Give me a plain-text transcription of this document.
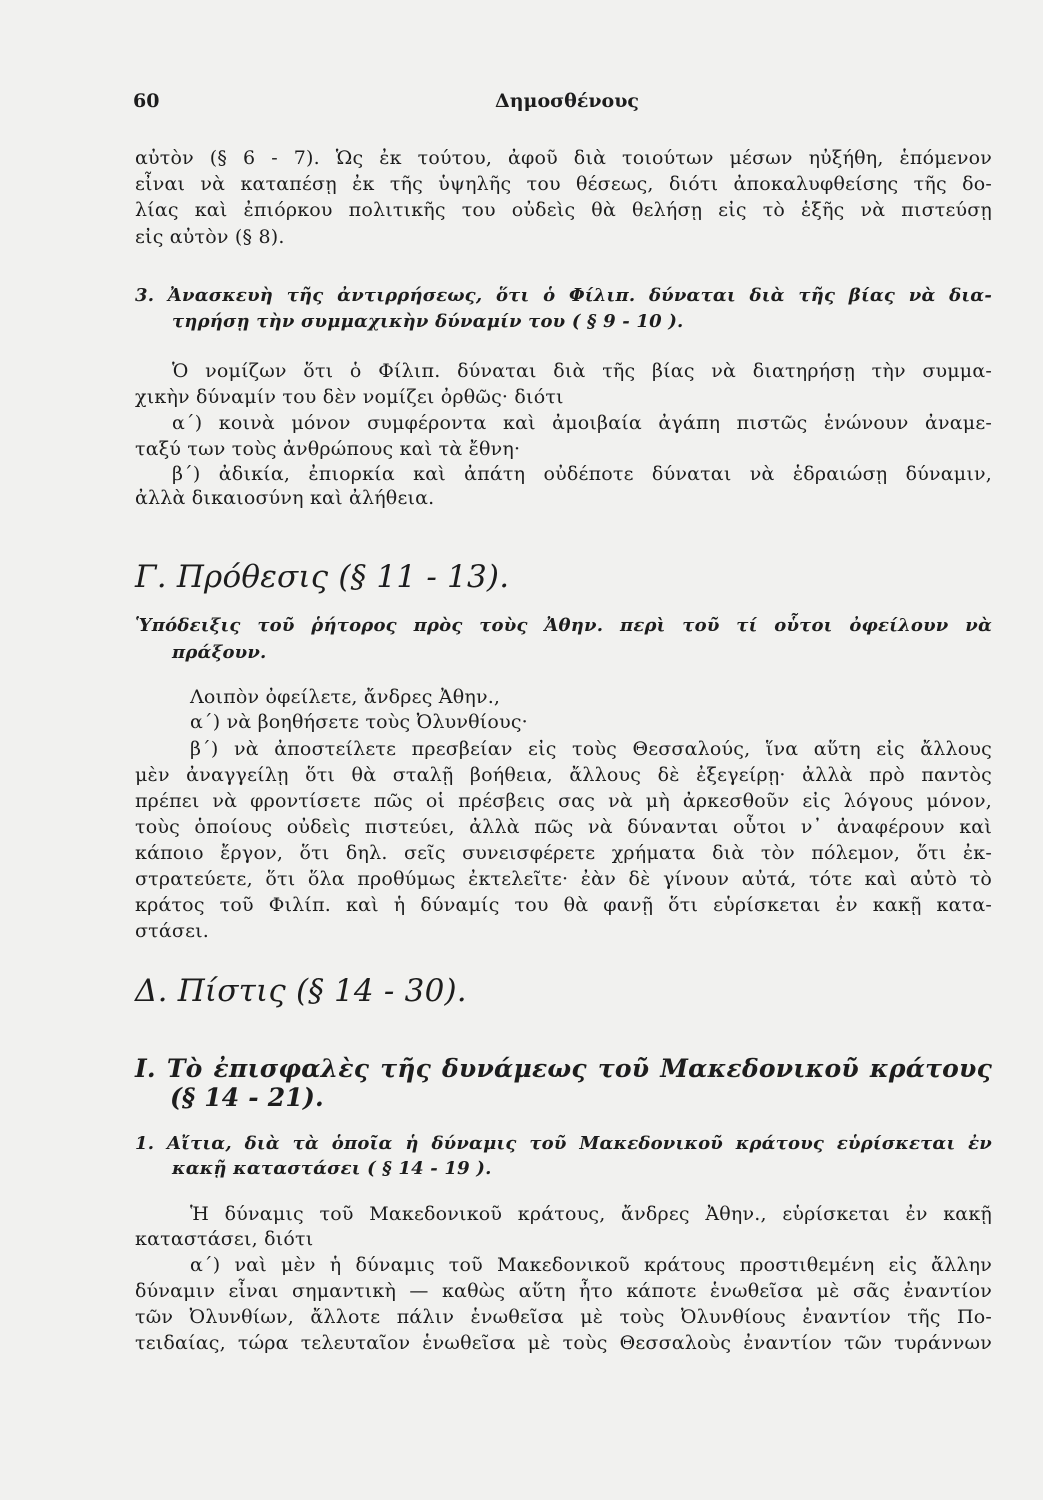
60	Δημοσθένους
αὐτὸν (§ 6 - 7). Ὡς ἐκ τούτου, ἀφοῦ διὰ τοιούτων μέσων ηὐξήθη, ἑπόμενον
εἶναι νὰ καταπέσῃ ἐκ τῆς ὑψηλῆς του θέσεως, διότι ἀποκαλυφθείσης τῆς δο-
λίας καὶ ἐπιόρκου πολιτικῆς του οὐδεὶς θὰ θελήσῃ εἰς τὸ ἑξῆς νὰ πιστεύσῃ
εἰς αὐτὸν (§ 8).
3. Ἀνασκευὴ τῆς ἀντιρρήσεως, ὅτι ὁ Φίλιπ. δύναται διὰ τῆς βίας νὰ δια-
τηρήσῃ τὴν συμμαχικὴν δύναμίν του ( § 9 - 10 ).
Ὁ νομίζων ὅτι ὁ Φίλιπ. δύναται διὰ τῆς βίας νὰ διατηρήσῃ τὴν συμμα-
χικὴν δύναμίν του δὲν νομίζει ὀρθῶς· διότι
α΄) κοινὰ μόνον συμφέροντα καὶ ἀμοιβαία ἀγάπη πιστῶς ἑνώνουν ἀναμε-
ταξύ των τοὺς ἀνθρώπους καὶ τὰ ἔθνη·
β΄) ἀδικία, ἐπιορκία καὶ ἀπάτη οὐδέποτε δύναται νὰ ἑδραιώσῃ δύναμιν,
ἀλλὰ δικαιοσύνη καὶ ἀλήθεια.
Γ. Πρόθεσις (§ 11 - 13).
Ὑπόδειξις τοῦ ῥήτορος πρὸς τοὺς Ἀθην. περὶ τοῦ τί οὗτοι ὀφείλουν νὰ
πράξουν.
Λοιπὸν ὀφείλετε, ἄνδρες Ἀθην.,
α΄) νὰ βοηθήσετε τοὺς Ὀλυνθίους·
β΄) νὰ ἀποστείλετε πρεσβείαν εἰς τοὺς Θεσσαλούς, ἵνα αὕτη εἰς ἄλλους
μὲν ἀναγγείλῃ ὅτι θὰ σταλῇ βοήθεια, ἄλλους δὲ ἐξεγείρῃ· ἀλλὰ πρὸ παντὸς
πρέπει νὰ φροντίσετε πῶς οἱ πρέσβεις σας νὰ μὴ ἀρκεσθοῦν εἰς λόγους μόνον,
τοὺς ὁποίους οὐδεὶς πιστεύει, ἀλλὰ πῶς νὰ δύνανται οὗτοι ν᾿ ἀναφέρουν καὶ
κάποιο ἔργον, ὅτι δηλ. σεῖς συνεισφέρετε χρήματα διὰ τὸν πόλεμον, ὅτι ἐκ-
στρατεύετε, ὅτι ὅλα προθύμως ἐκτελεῖτε· ἐὰν δὲ γίνουν αὐτά, τότε καὶ αὐτὸ τὸ
κράτος τοῦ Φιλίπ. καὶ ἡ δύναμίς του θὰ φανῇ ὅτι εὑρίσκεται ἐν κακῇ κατα-
στάσει.
Δ. Πίστις (§ 14 - 30).
I. Τὸ ἐπισφαλὲς τῆς δυνάμεως τοῦ Μακεδονικοῦ κράτους
(§ 14 - 21).
1. Αἴτια, διὰ τὰ ὁποῖα ἡ δύναμις τοῦ Μακεδονικοῦ κράτους εὑρίσκεται ἐν
κακῇ καταστάσει ( § 14 - 19 ).
Ἡ δύναμις τοῦ Μακεδονικοῦ κράτους, ἄνδρες Ἀθην., εὑρίσκεται ἐν κακῇ
καταστάσει, διότι
α΄) ναὶ μὲν ἡ δύναμις τοῦ Μακεδονικοῦ κράτους προστιθεμένη εἰς ἄλλην
δύναμιν εἶναι σημαντικὴ — καθὼς αὕτη ἦτο κάποτε ἑνωθεῖσα μὲ σᾶς ἐναντίον
τῶν Ὀλυνθίων, ἄλλοτε πάλιν ἑνωθεῖσα μὲ τοὺς Ὀλυνθίους ἐναντίον τῆς Πο-
τειδαίας, τώρα τελευταῖον ἑνωθεῖσα μὲ τοὺς Θεσσαλοὺς ἐναντίον τῶν τυράννων
